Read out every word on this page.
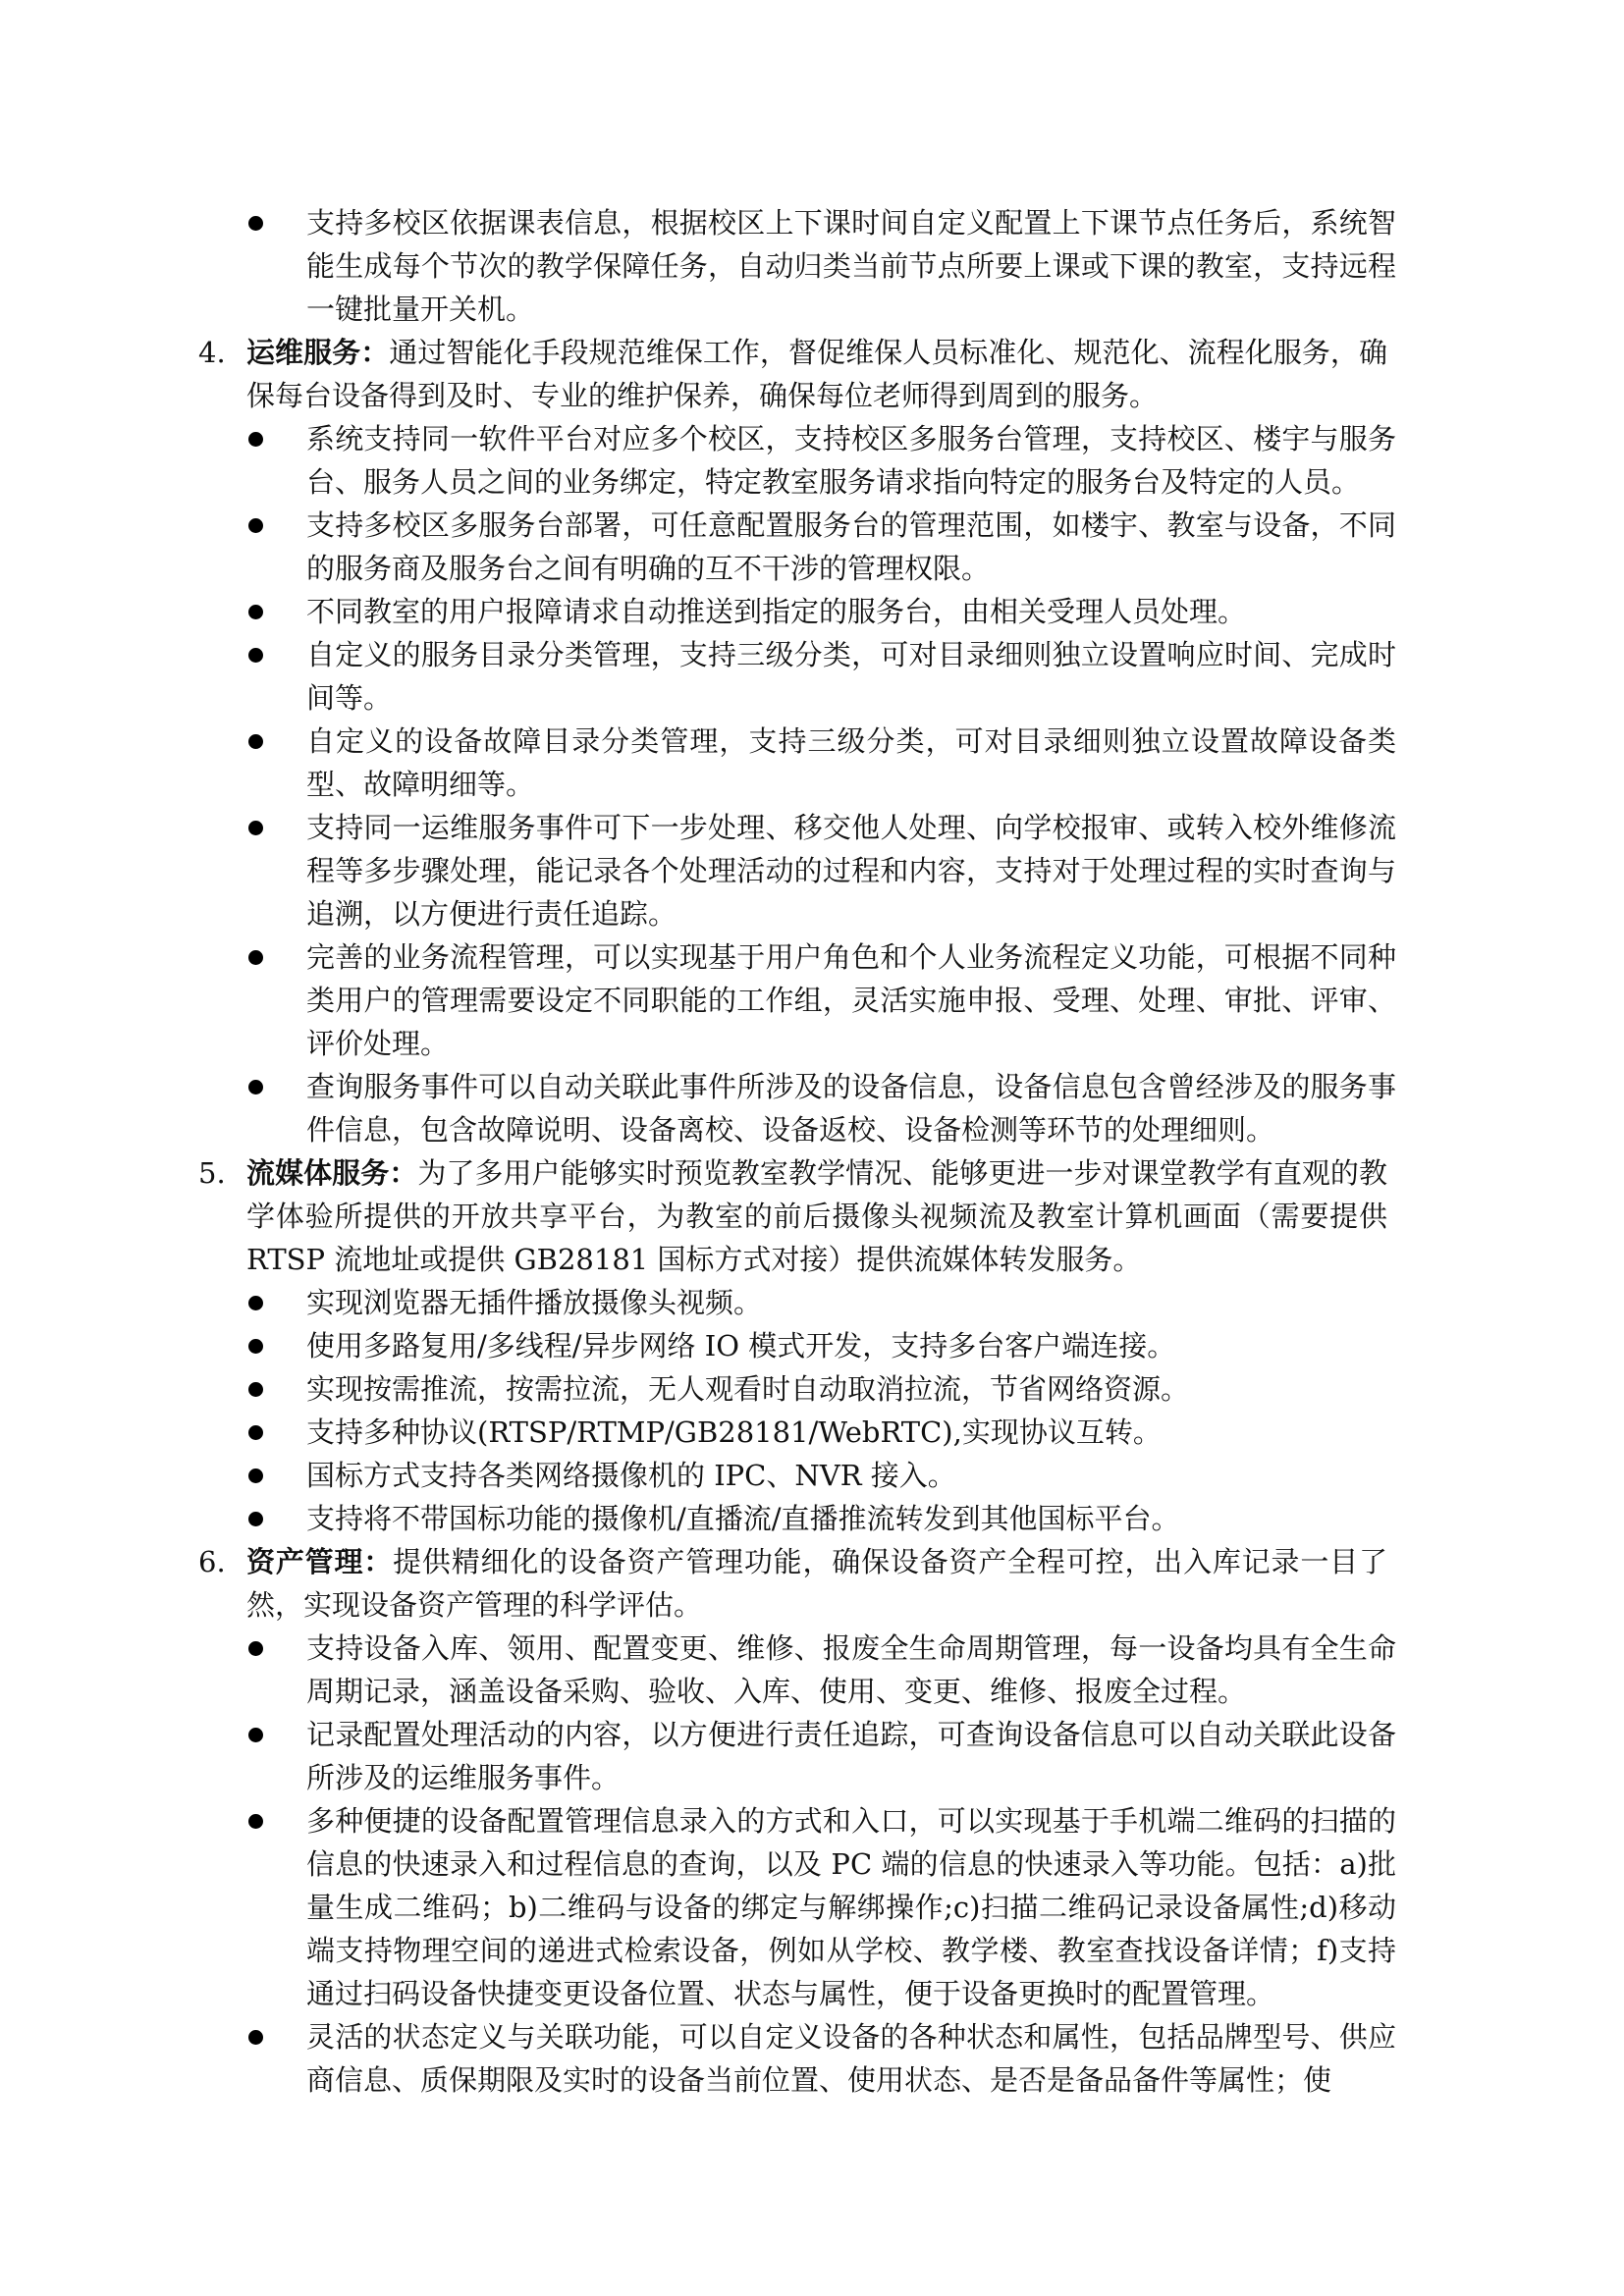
支持多校区依据课表信息，根据校区上下课时间自定义配置上下课节点任务后，系统智能生成每个节次的教学保障任务，自动归类当前节点所要上课或下课的教室，支持远程一键批量开关机。
4. 运维服务：通过智能化手段规范维保工作，督促维保人员标准化、规范化、流程化服务，确保每台设备得到及时、专业的维护保养，确保每位老师得到周到的服务。
系统支持同一软件平台对应多个校区，支持校区多服务台管理，支持校区、楼宇与服务台、服务人员之间的业务绑定，特定教室服务请求指向特定的服务台及特定的人员。
支持多校区多服务台部署，可任意配置服务台的管理范围，如楼宇、教室与设备，不同的服务商及服务台之间有明确的互不干涉的管理权限。
不同教室的用户报障请求自动推送到指定的服务台，由相关受理人员处理。
自定义的服务目录分类管理，支持三级分类，可对目录细则独立设置响应时间、完成时间等。
自定义的设备故障目录分类管理，支持三级分类，可对目录细则独立设置故障设备类型、故障明细等。
支持同一运维服务事件可下一步处理、移交他人处理、向学校报审、或转入校外维修流程等多步骤处理，能记录各个处理活动的过程和内容，支持对于处理过程的实时查询与追溯，以方便进行责任追踪。
完善的业务流程管理，可以实现基于用户角色和个人业务流程定义功能，可根据不同种类用户的管理需要设定不同职能的工作组，灵活实施申报、受理、处理、审批、评审、评价处理。
查询服务事件可以自动关联此事件所涉及的设备信息，设备信息包含曾经涉及的服务事件信息，包含故障说明、设备离校、设备返校、设备检测等环节的处理细则。
5. 流媒体服务：为了多用户能够实时预览教室教学情况、能够更进一步对课堂教学有直观的教学体验所提供的开放共享平台，为教室的前后摄像头视频流及教室计算机画面（需要提供 RTSP 流地址或提供 GB28181 国标方式对接）提供流媒体转发服务。
实现浏览器无插件播放摄像头视频。
使用多路复用/多线程/异步网络 IO 模式开发，支持多台客户端连接。
实现按需推流，按需拉流，无人观看时自动取消拉流，节省网络资源。
支持多种协议(RTSP/RTMP/GB28181/WebRTC),实现协议互转。
国标方式支持各类网络摄像机的 IPC、NVR 接入。
支持将不带国标功能的摄像机/直播流/直播推流转发到其他国标平台。
6. 资产管理：提供精细化的设备资产管理功能，确保设备资产全程可控，出入库记录一目了然，实现设备资产管理的科学评估。
支持设备入库、领用、配置变更、维修、报废全生命周期管理，每一设备均具有全生命周期记录，涵盖设备采购、验收、入库、使用、变更、维修、报废全过程。
记录配置处理活动的内容，以方便进行责任追踪，可查询设备信息可以自动关联此设备所涉及的运维服务事件。
多种便捷的设备配置管理信息录入的方式和入口，可以实现基于手机端二维码的扫描的信息的快速录入和过程信息的查询，以及 PC 端的信息的快速录入等功能。包括：a)批量生成二维码；b)二维码与设备的绑定与解绑操作;c)扫描二维码记录设备属性;d)移动端支持物理空间的递进式检索设备，例如从学校、教学楼、教室查找设备详情；f)支持通过扫码设备快捷变更设备位置、状态与属性，便于设备更换时的配置管理。
灵活的状态定义与关联功能，可以自定义设备的各种状态和属性，包括品牌型号、供应商信息、质保期限及实时的设备当前位置、使用状态、是否是备品备件等属性；使
